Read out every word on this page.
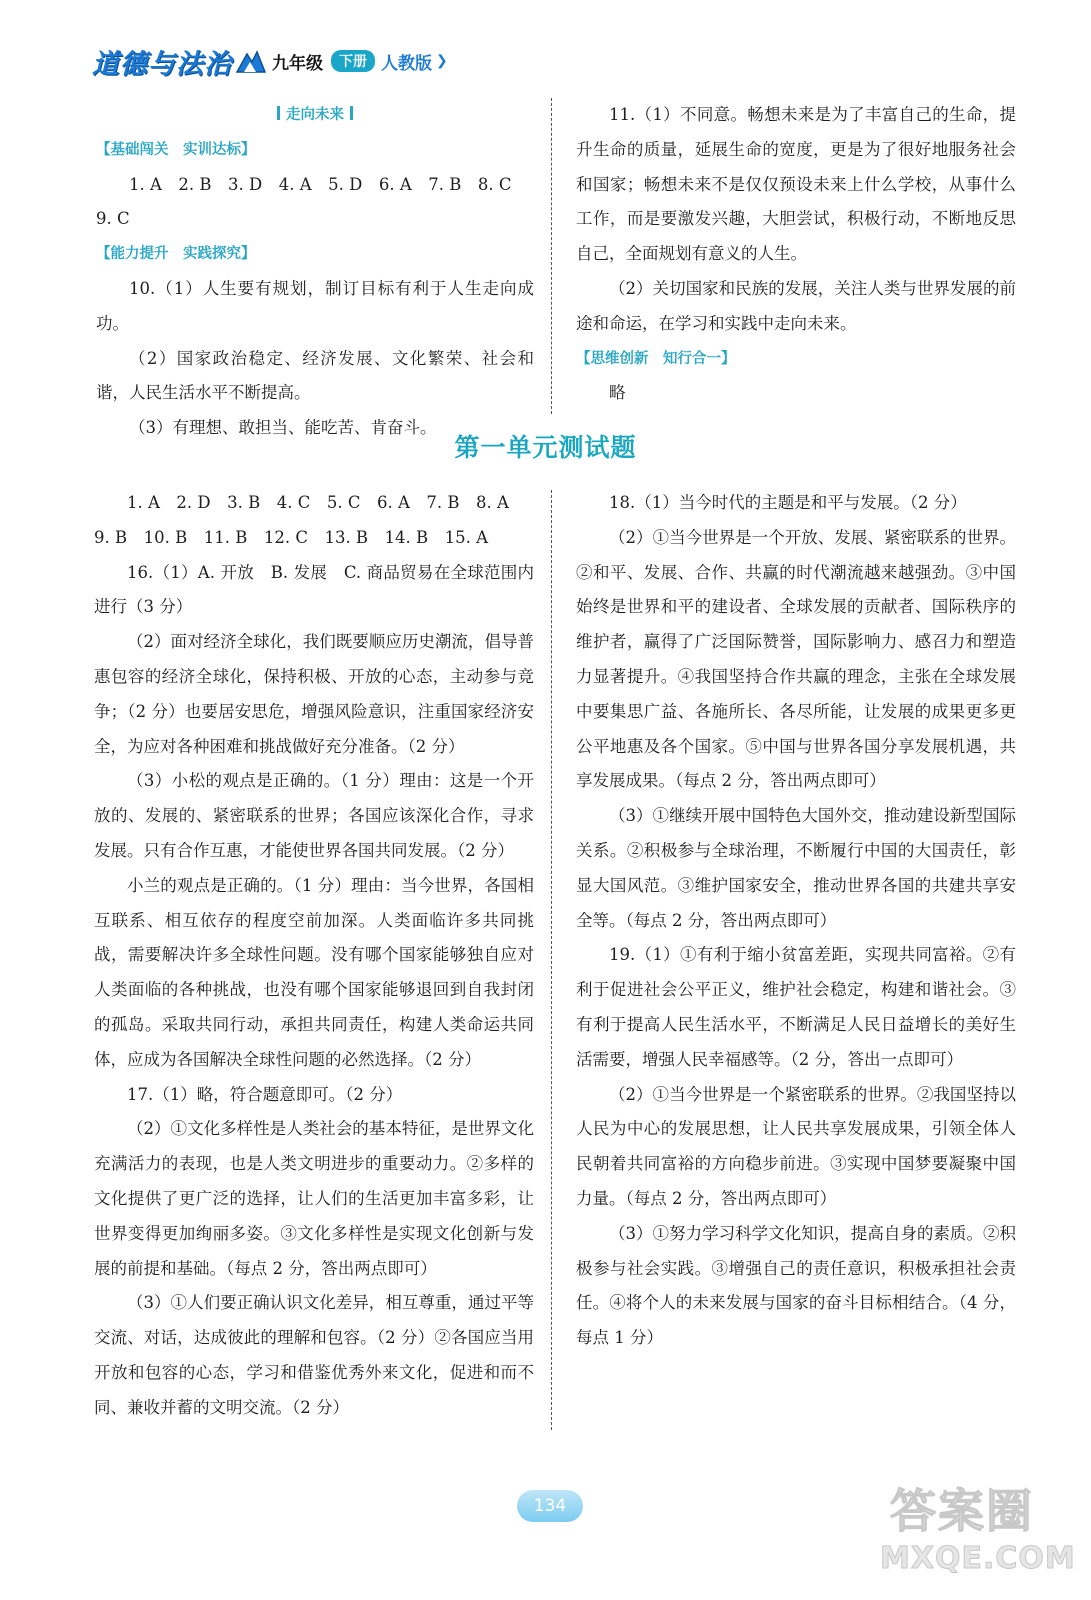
道德与法治 九年级	下册 人教版 ❯

走向未来

【基础闯关　实训达标】

1. A　2. B　3. D　4. A　5. D　6. A　7. B　8. C

9. C

【能力提升　实践探究】

10.（1）人生要有规划，制订目标有利于人生走向成功。

（2）国家政治稳定、经济发展、文化繁荣、社会和谐，人民生活水平不断提高。

（3）有理想、敢担当、能吃苦、肯奋斗。

11.（1）不同意。畅想未来是为了丰富自己的生命，提升生命的质量，延展生命的宽度，更是为了很好地服务社会和国家；畅想未来不是仅仅预设未来上什么学校，从事什么工作，而是要激发兴趣，大胆尝试，积极行动，不断地反思自己，全面规划有意义的人生。

（2）关切国家和民族的发展，关注人类与世界发展的前途和命运，在学习和实践中走向未来。

【思维创新　知行合一】

略

第一单元测试题

1. A　2. D　3. B　4. C　5. C　6. A　7. B　8. A

9. B　10. B　11. B　12. C　13. B　14. B　15. A

16.（1）A. 开放　B. 发展　C. 商品贸易在全球范围内进行（3 分）

（2）面对经济全球化，我们既要顺应历史潮流，倡导普惠包容的经济全球化，保持积极、开放的心态，主动参与竞争；（2 分）也要居安思危，增强风险意识，注重国家经济安全，为应对各种困难和挑战做好充分准备。（2 分）

（3）小松的观点是正确的。（1 分）理由：这是一个开放的、发展的、紧密联系的世界；各国应该深化合作，寻求发展。只有合作互惠，才能使世界各国共同发展。（2 分）

小兰的观点是正确的。（1 分）理由：当今世界，各国相互联系、相互依存的程度空前加深。人类面临许多共同挑战，需要解决许多全球性问题。没有哪个国家能够独自应对人类面临的各种挑战，也没有哪个国家能够退回到自我封闭的孤岛。采取共同行动，承担共同责任，构建人类命运共同体，应成为各国解决全球性问题的必然选择。（2 分）

17.（1）略，符合题意即可。（2 分）

（2）①文化多样性是人类社会的基本特征，是世界文化充满活力的表现，也是人类文明进步的重要动力。②多样的文化提供了更广泛的选择，让人们的生活更加丰富多彩，让世界变得更加绚丽多姿。③文化多样性是实现文化创新与发展的前提和基础。（每点 2 分，答出两点即可）

（3）①人们要正确认识文化差异，相互尊重，通过平等交流、对话，达成彼此的理解和包容。（2 分）②各国应当用开放和包容的心态，学习和借鉴优秀外来文化，促进和而不同、兼收并蓄的文明交流。（2 分）

18.（1）当今时代的主题是和平与发展。（2 分）

（2）①当今世界是一个开放、发展、紧密联系的世界。②和平、发展、合作、共赢的时代潮流越来越强劲。③中国始终是世界和平的建设者、全球发展的贡献者、国际秩序的维护者，赢得了广泛国际赞誉，国际影响力、感召力和塑造力显著提升。④我国坚持合作共赢的理念，主张在全球发展中要集思广益、各施所长、各尽所能，让发展的成果更多更公平地惠及各个国家。⑤中国与世界各国分享发展机遇，共享发展成果。（每点 2 分，答出两点即可）

（3）①继续开展中国特色大国外交，推动建设新型国际关系。②积极参与全球治理，不断履行中国的大国责任，彰显大国风范。③维护国家安全，推动世界各国的共建共享安全等。（每点 2 分，答出两点即可）

19.（1）①有利于缩小贫富差距，实现共同富裕。②有利于促进社会公平正义，维护社会稳定，构建和谐社会。③有利于提高人民生活水平，不断满足人民日益增长的美好生活需要，增强人民幸福感等。（2 分，答出一点即可）

（2）①当今世界是一个紧密联系的世界。②我国坚持以人民为中心的发展思想，让人民共享发展成果，引领全体人民朝着共同富裕的方向稳步前进。③实现中国梦要凝聚中国力量。（每点 2 分，答出两点即可）

（3）①努力学习科学文化知识，提高自身的素质。②积极参与社会实践。③增强自己的责任意识，积极承担社会责任。④将个人的未来发展与国家的奋斗目标相结合。（4 分，每点 1 分）

134	答案圈
MXQE.COM
